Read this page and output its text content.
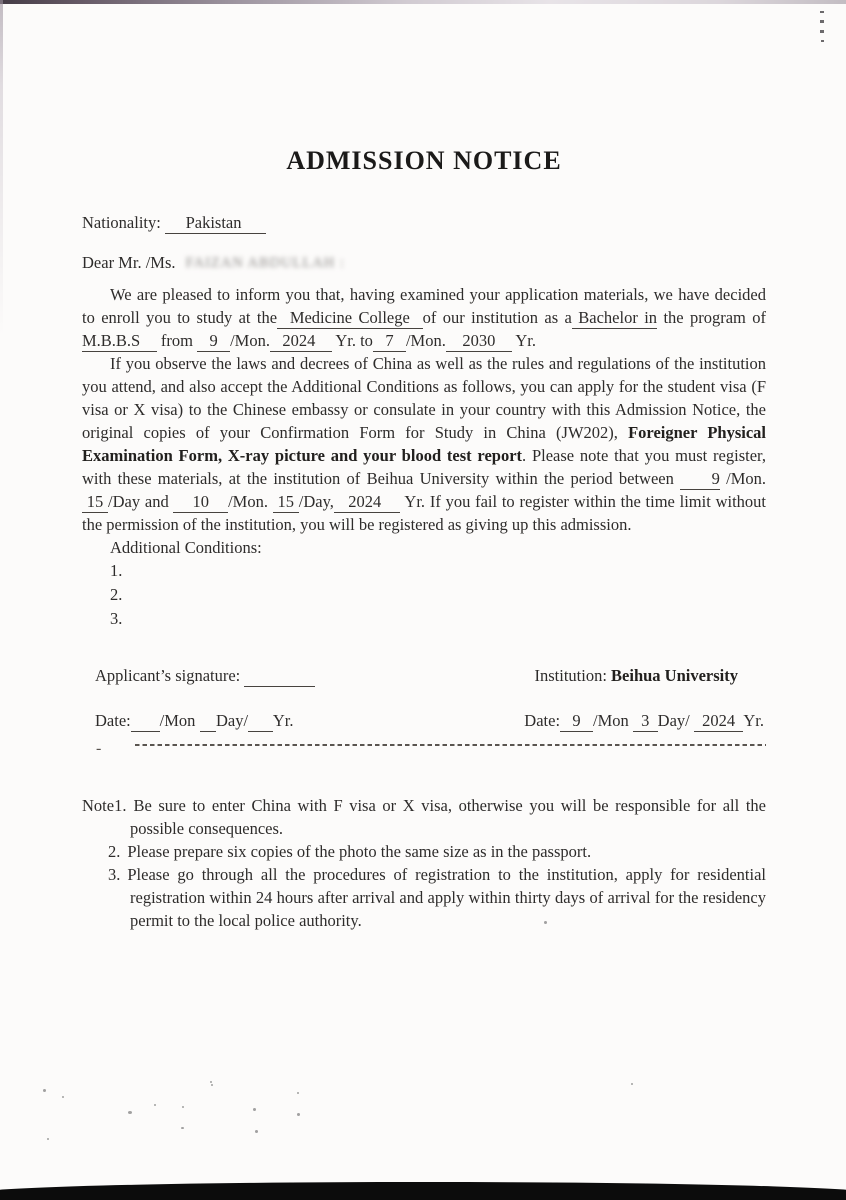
ADMISSION NOTICE
Nationality:      Pakistan
Dear Mr. /Ms. FAIZAN ABDULLAH :

We are pleased to inform you that, having examined your application materials, we have decided to enroll you to study at the  Medicine College  of our institution as a Bachelor in the program of M.B.B.S     from    9   /Mon.   2024     Yr. to   7   /Mon.    2030     Yr.

If you observe the laws and decrees of China as well as the rules and regulations of the institution you attend, and also accept the Additional Conditions as follows, you can apply for the student visa (F visa or X visa) to the Chinese embassy or consulate in your country with this Admission Notice, the original copies of your Confirmation Form for Study in China (JW202), Foreigner Physical Examination Form, X-ray picture and your blood test report. Please note that you must register, with these materials, at the institution of Beihua University within the period between      9 /Mon.  15 /Day and     10    /Mon.  15 /Day,   2024     Yr. If you fail to register within the time limit without the permission of the institution, you will be registered as giving up this admission.

Additional Conditions:
1.
2.
3.
Applicant’s signature:	Institution: Beihua University
Date: /Mon     Day/ Yr.	Date:   9   /Mon   3  Day/   2024  Yr.
-
Note1. Be sure to enter China with F visa or X visa, otherwise you will be responsible for all the possible consequences.
2. Please prepare six copies of the photo the same size as in the passport.
3. Please go through all the procedures of registration to the institution, apply for residential registration within 24 hours after arrival and apply within thirty days of arrival for the residency permit to the local police authority.
